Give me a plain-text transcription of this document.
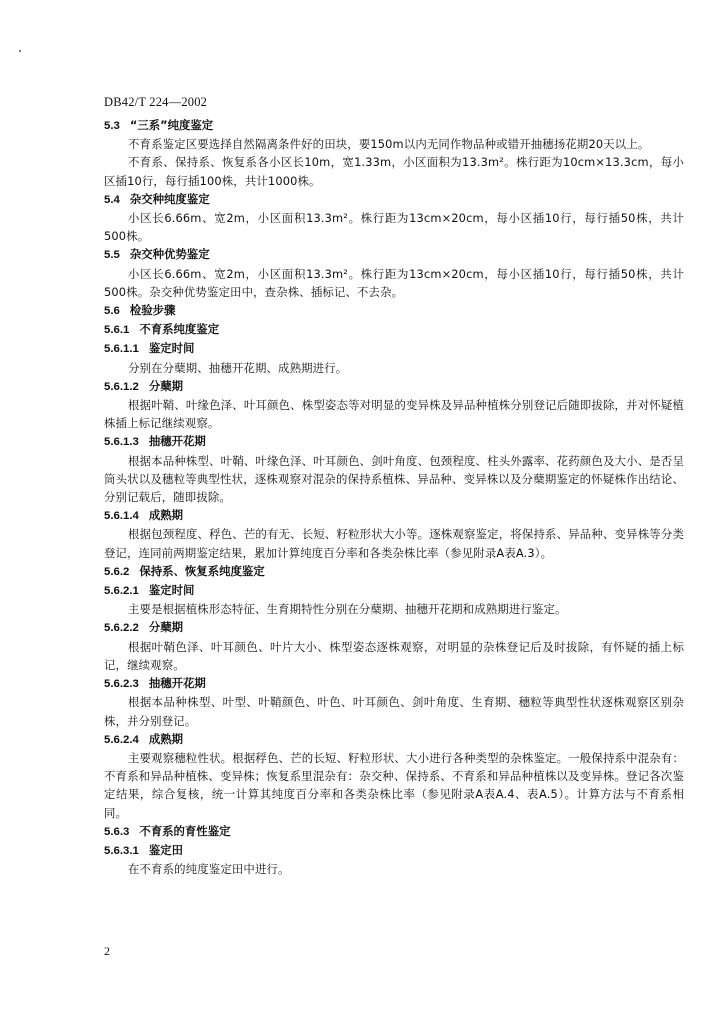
DB42/T 224—2002
5.3 “三系”纯度鉴定
不育系鉴定区要选择自然隔离条件好的田块，要150m以内无同作物品种或错开抽穗扬花期20天以上。
不育系、保持系、恢复系各小区长10m，宽1.33m，小区面积为13.3m²。株行距为10cm×13.3cm，每小区插10行，每行插100株，共计1000株。
5.4 杂交种纯度鉴定
小区长6.66m、宽2m，小区面积13.3m²。株行距为13cm×20cm，每小区插10行，每行插50株，共计500株。
5.5 杂交种优势鉴定
小区长6.66m、宽2m，小区面积13.3m²。株行距为13cm×20cm，每小区插10行，每行插50株，共计500株。杂交种优势鉴定田中，查杂株、插标记、不去杂。
5.6 检验步骤
5.6.1 不育系纯度鉴定
5.6.1.1 鉴定时间
分别在分蘖期、抽穗开花期、成熟期进行。
5.6.1.2 分蘖期
根据叶鞘、叶缘色泽、叶耳颜色、株型姿态等对明显的变异株及异品种植株分别登记后随即拔除，并对怀疑植株插上标记继续观察。
5.6.1.3 抽穗开花期
根据本品种株型、叶鞘、叶缘色泽、叶耳颜色、剑叶角度、包颈程度、柱头外露率、花药颜色及大小、是否呈筒头状以及穗粒等典型性状，逐株观察对混杂的保持系植株、异品种、变异株以及分蘖期鉴定的怀疑株作出结论、分别记载后，随即拔除。
5.6.1.4 成熟期
根据包颈程度、稃色、芒的有无、长短、籽粒形状大小等。逐株观察鉴定，将保持系、异品种、变异株等分类登记，连同前两期鉴定结果，累加计算纯度百分率和各类杂株比率（参见附录A表A.3）。
5.6.2 保持系、恢复系纯度鉴定
5.6.2.1 鉴定时间
主要是根据植株形态特征、生育期特性分别在分蘖期、抽穗开花期和成熟期进行鉴定。
5.6.2.2 分蘖期
根据叶鞘色泽、叶耳颜色、叶片大小、株型姿态逐株观察，对明显的杂株登记后及时拔除，有怀疑的插上标记，继续观察。
5.6.2.3 抽穗开花期
根据本品种株型、叶型、叶鞘颜色、叶色、叶耳颜色、剑叶角度、生育期、穗粒等典型性状逐株观察区别杂株，并分别登记。
5.6.2.4 成熟期
主要观察穗粒性状。根据稃色、芒的长短、籽粒形状、大小进行各种类型的杂株鉴定。一般保持系中混杂有：不育系和异品种植株、变异株；恢复系里混杂有：杂交种、保持系、不育系和异品种植株以及变异株。登记各次鉴定结果，综合复核，统一计算其纯度百分率和各类杂株比率（参见附录A表A.4、表A.5）。计算方法与不育系相同。
5.6.3 不育系的育性鉴定
5.6.3.1 鉴定田
在不育系的纯度鉴定田中进行。
2
